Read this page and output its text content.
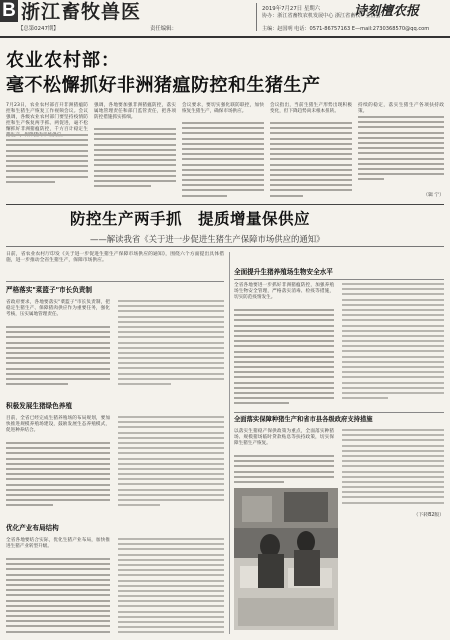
B 浙江畜牧兽医
【总第0247期】	责任编辑：
2019年7月27日 星期六	诗刻檀农报
协办：浙江省畜牧农机发展中心 浙江省畜牧产业协会
主编：赵国明 电话：0571-86757163 E—mail:2730368570@qq.com
农业农村部：
毫不松懈抓好非洲猪瘟防控和生猪生产
7月23日，农业农村部召开非洲猪瘟防控和生猪生产恢复工作视频会议。会议强调，各级农业农村部门要坚持疫情防控和生产恢复两手抓、两促进，毫不松懈抓好非洲猪瘟防控，千方百计稳定生
强调，各地要加强非洲猪瘟防控，落实属地管理责任和部门监管责任，把各项防控措施抓实抓细。
会议要求，要切实强化联防联控，加快恢复生猪生产，确保市场供应。
会议指出，当前生猪生产形势出现积极变化，但下降趋势尚未根本扭转。
持续的稳定，落实生猪生产各项扶持政策。
（辑 宁）
防控生产两手抓　提质增量保供应
——解读我省《关于进一步促进生猪生产保障市场供应的通知》
日前，省农业农村厅印发《关于进一步促进生猪生产保障市场供应的通知》，围绕六个方面提出具体措施，进一步推动全省生猪生产，保障市场供应。
严格落实"菜篮子"市长负责制
省政府要求，各地要落实"菜篮子"市长负责制，把稳定生猪生产、保障猪肉供应作为重要任务，强化考核，压实属地管理责任。
积极发展生猪绿色养殖
目前，全省已经完成生猪养殖场的布局规划，要加快推进规模养殖场建设，鼓励发展生态养殖模式，促进种养结合。
优化产业布局结构
全省各地要结合实际，优化生猪产业布局，加快推进生猪产业转型升级。
全面提升生猪养殖场生物安全水平
全省各地要进一步抓好非洲猪瘟防控，加强养殖场生物安全管理，严格落实消毒、检疫等措施，切实防范疫情发生。
全面落实保障种猪生产和省市县各级政府支持措施
以落实生猪稳产保供政策为重点，全面落实种猪场、规模猪场临时贷款贴息等扶持政策，切实保障生猪生产恢复。
（下转B2版）
